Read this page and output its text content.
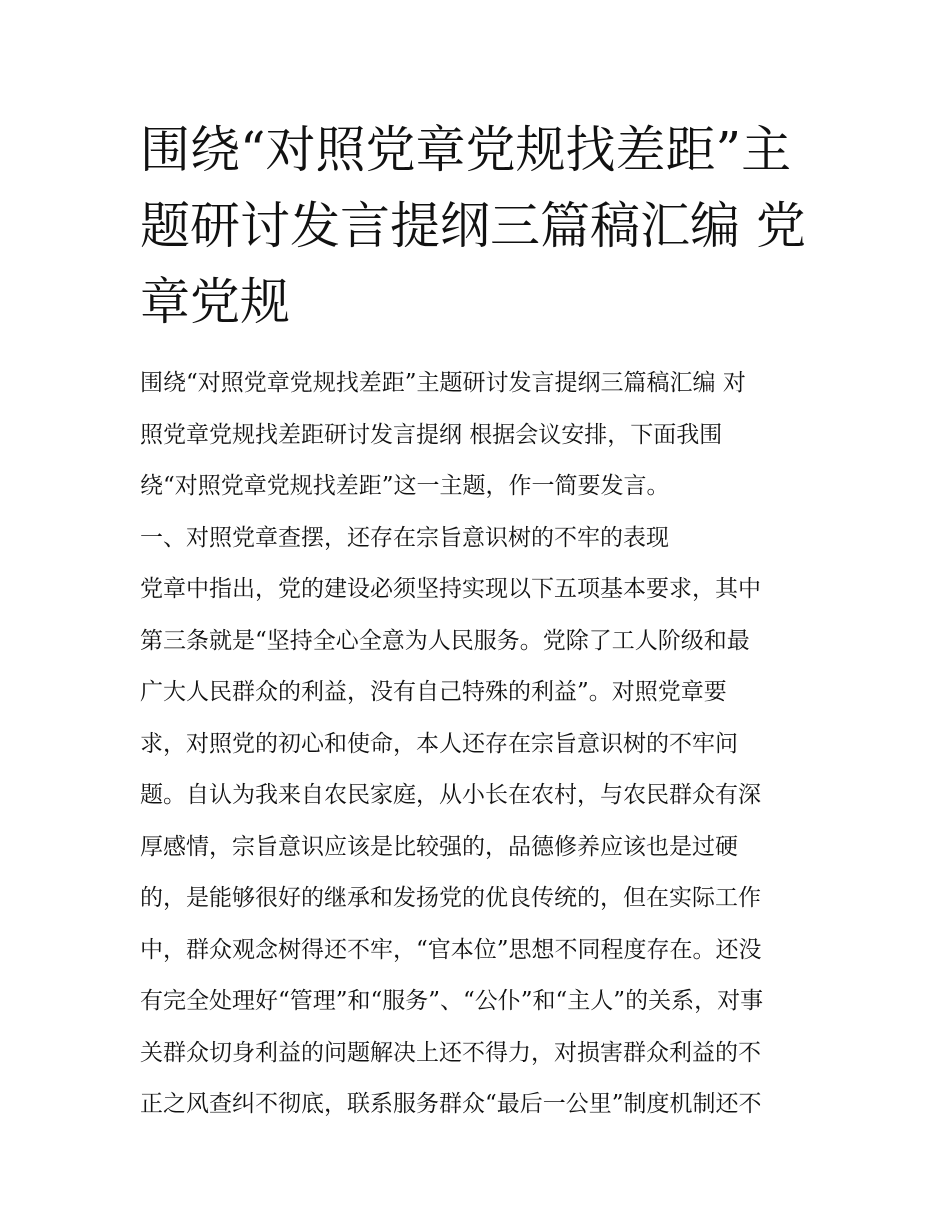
围绕“对照党章党规找差距”主
题研讨发言提纲三篇稿汇编 党
章党规
围绕“对照党章党规找差距”主题研讨发言提纲三篇稿汇编 对
照党章党规找差距研讨发言提纲 根据会议安排，下面我围
绕“对照党章党规找差距”这一主题，作一简要发言。
一、对照党章查摆，还存在宗旨意识树的不牢的表现
党章中指出，党的建设必须坚持实现以下五项基本要求，其中
第三条就是“坚持全心全意为人民服务。党除了工人阶级和最
广大人民群众的利益，没有自己特殊的利益”。对照党章要
求，对照党的初心和使命，本人还存在宗旨意识树的不牢问
题。自认为我来自农民家庭，从小长在农村，与农民群众有深
厚感情，宗旨意识应该是比较强的，品德修养应该也是过硬
的，是能够很好的继承和发扬党的优良传统的，但在实际工作
中，群众观念树得还不牢，“官本位”思想不同程度存在。还没
有完全处理好“管理”和“服务”、“公仆”和“主人”的关系，对事
关群众切身利益的问题解决上还不得力，对损害群众利益的不
正之风查纠不彻底，联系服务群众“最后一公里”制度机制还不
